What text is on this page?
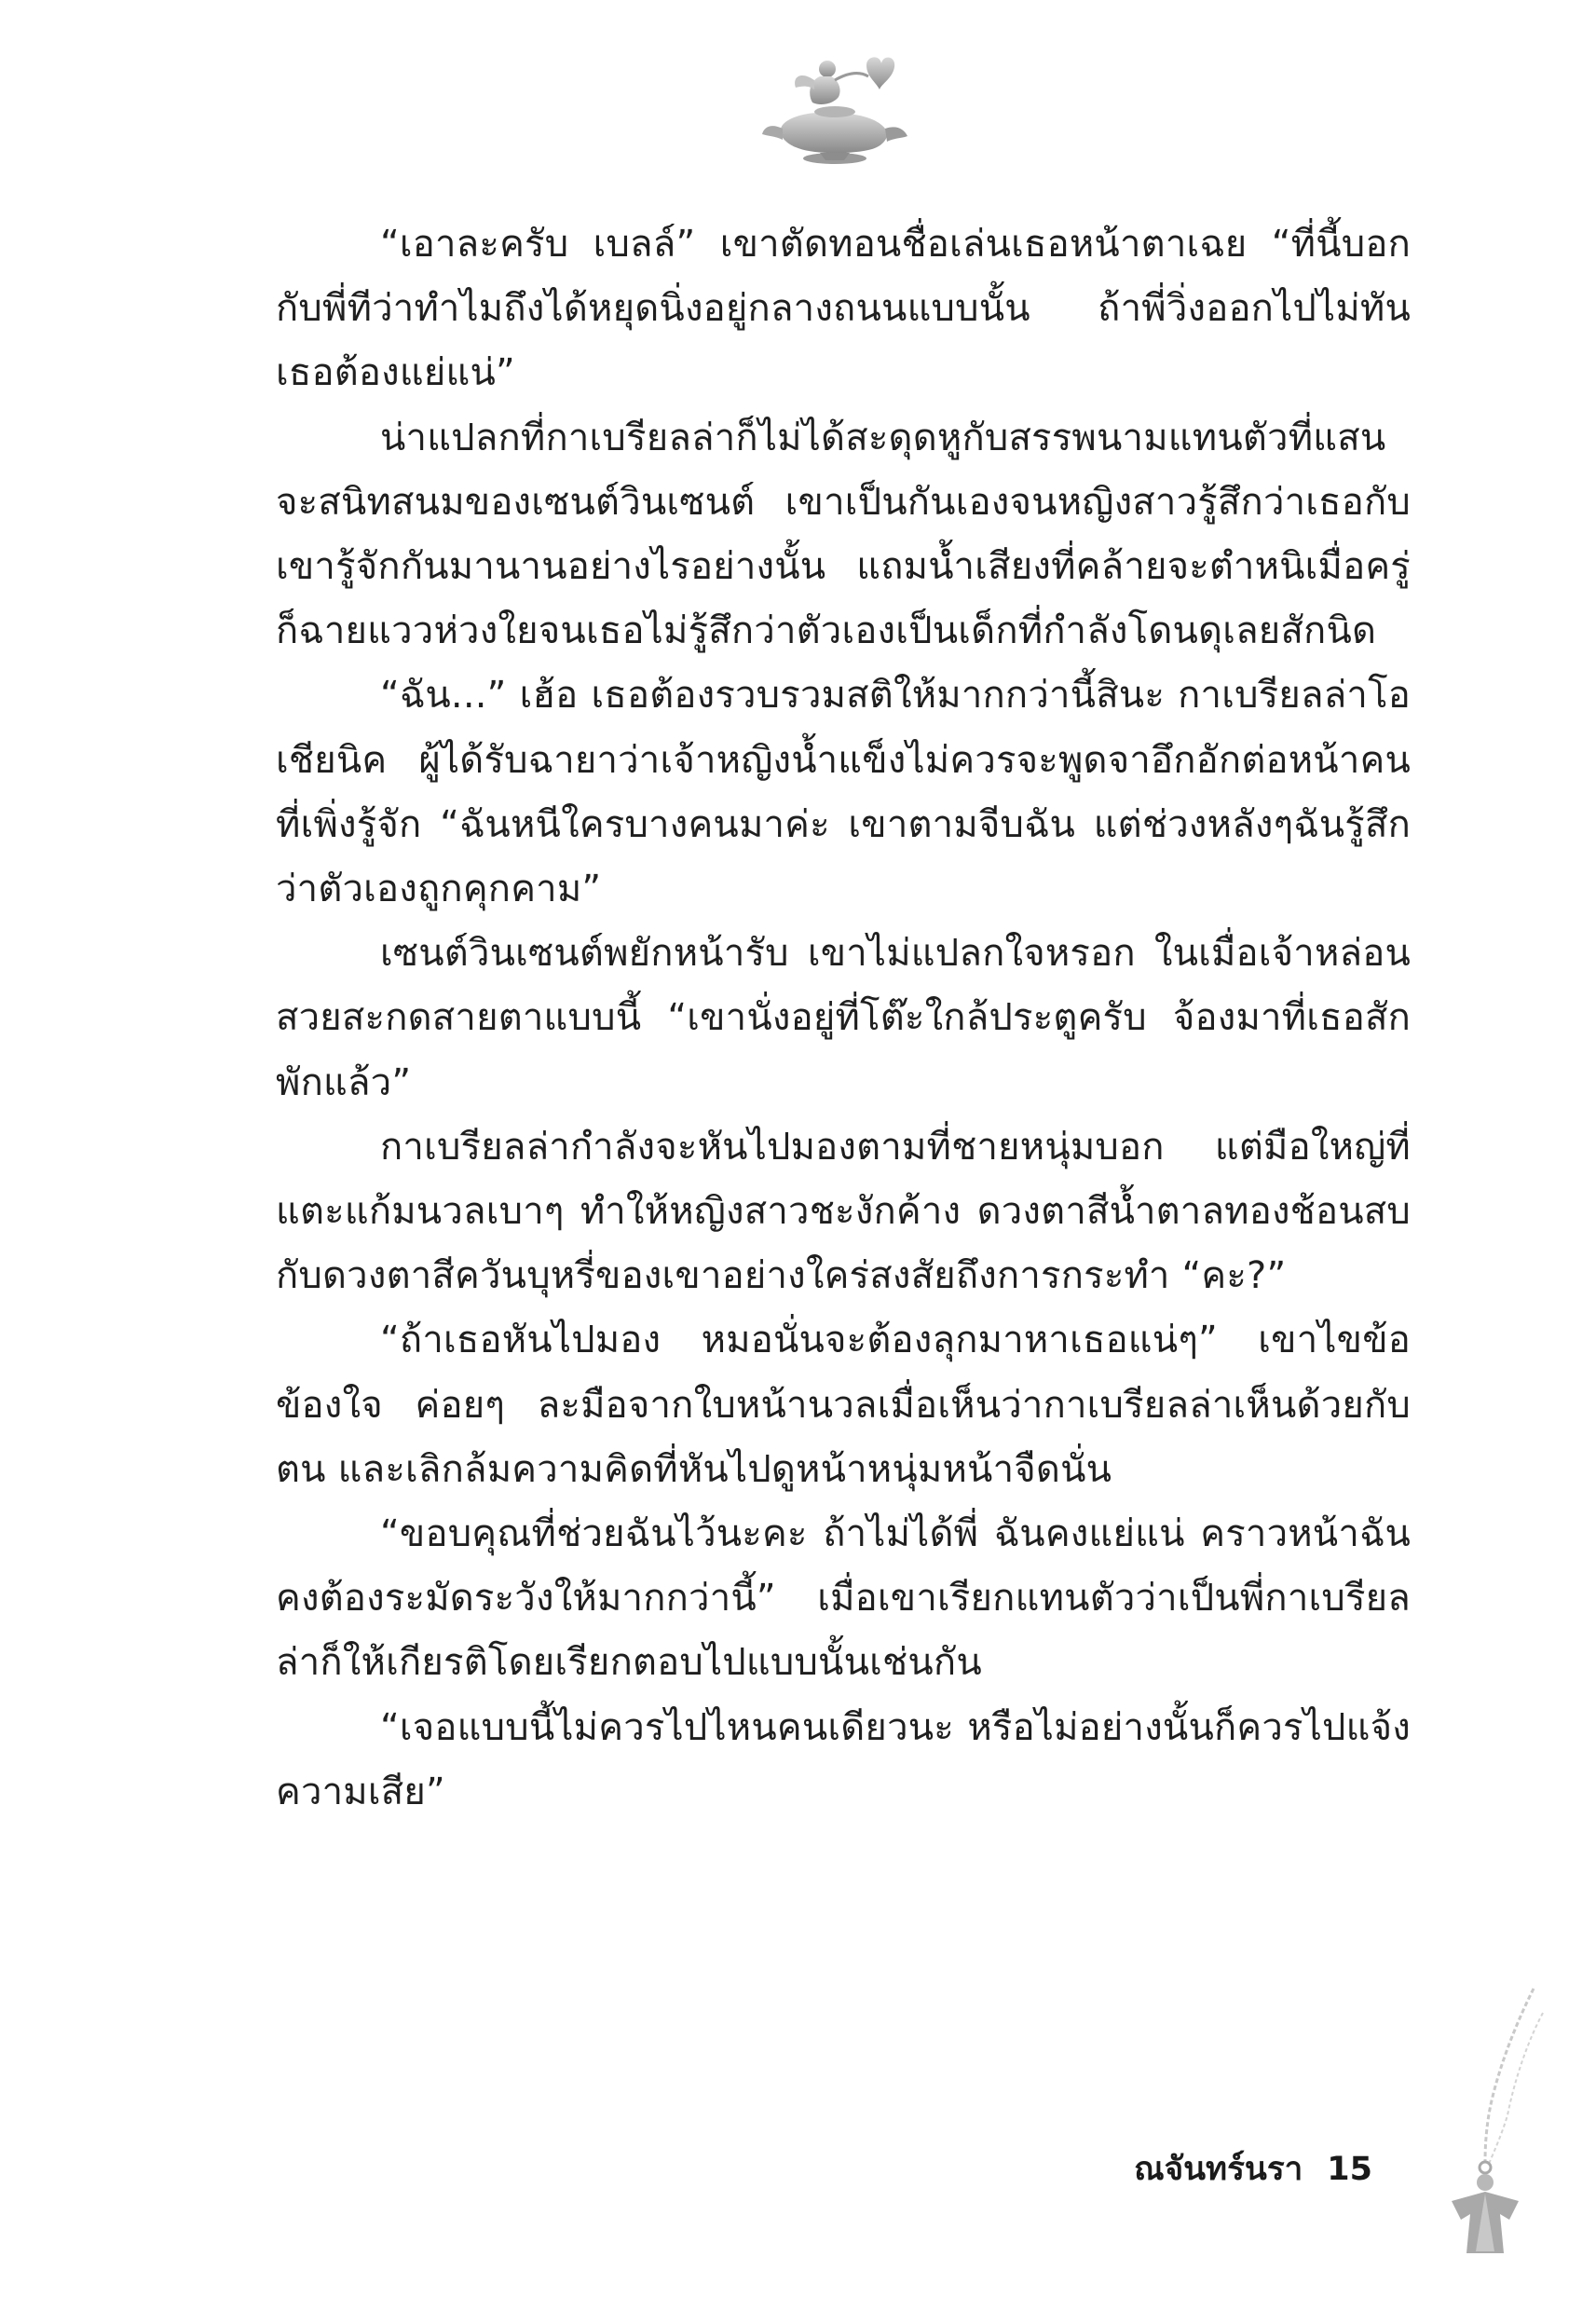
“เอาละครับ เบลล์” เขาตัดทอนชื่อเล่นเธอหน้าตาเฉย “ที่นี้บอกกับพี่ทีว่าทำไมถึงได้หยุดนิ่งอยู่กลางถนนแบบนั้น ถ้าพี่วิ่งออกไปไม่ทันเธอต้องแย่แน่”

น่าแปลกที่กาเบรียลล่าก็ไม่ได้สะดุดหูกับสรรพนามแทนตัวที่แสนจะสนิทสนมของเซนต์วินเซนต์ เขาเป็นกันเองจนหญิงสาวรู้สึกว่าเธอกับเขารู้จักกันมานานอย่างไรอย่างนั้น แถมน้ำเสียงที่คล้ายจะตำหนิเมื่อครู่ก็ฉายแววห่วงใยจนเธอไม่รู้สึกว่าตัวเองเป็นเด็กที่กำลังโดนดุเลยสักนิด

“ฉัน...” เฮ้อ เธอต้องรวบรวมสติให้มากกว่านี้สินะ กาเบรียลล่าโอเชียนิค ผู้ได้รับฉายาว่าเจ้าหญิงน้ำแข็งไม่ควรจะพูดจาอึกอักต่อหน้าคนที่เพิ่งรู้จัก “ฉันหนีใครบางคนมาค่ะ เขาตามจีบฉัน แต่ช่วงหลังๆฉันรู้สึกว่าตัวเองถูกคุกคาม”

เซนต์วินเซนต์พยักหน้ารับ เขาไม่แปลกใจหรอก ในเมื่อเจ้าหล่อนสวยสะกดสายตาแบบนี้ “เขานั่งอยู่ที่โต๊ะใกล้ประตูครับ จ้องมาที่เธอสักพักแล้ว”

กาเบรียลล่ากำลังจะหันไปมองตามที่ชายหนุ่มบอก แต่มือใหญ่ที่แตะแก้มนวลเบาๆ ทำให้หญิงสาวชะงักค้าง ดวงตาสีน้ำตาลทองช้อนสบกับดวงตาสีควันบุหรี่ของเขาอย่างใคร่สงสัยถึงการกระทำ “คะ?”

“ถ้าเธอหันไปมอง หมอนั่นจะต้องลุกมาหาเธอแน่ๆ” เขาไขข้อข้องใจ ค่อยๆ ละมือจากใบหน้านวลเมื่อเห็นว่ากาเบรียลล่าเห็นด้วยกับตน และเลิกล้มความคิดที่หันไปดูหน้าหนุ่มหน้าจืดนั่น

“ขอบคุณที่ช่วยฉันไว้นะคะ ถ้าไม่ได้พี่ ฉันคงแย่แน่ คราวหน้าฉันคงต้องระมัดระวังให้มากกว่านี้” เมื่อเขาเรียกแทนตัวว่าเป็นพี่กาเบรียลล่าก็ให้เกียรติโดยเรียกตอบไปแบบนั้นเช่นกัน

“เจอแบบนี้ไม่ควรไปไหนคนเดียวนะ หรือไม่อย่างนั้นก็ควรไปแจ้งความเสีย”

ณจันทร์นรา 15
